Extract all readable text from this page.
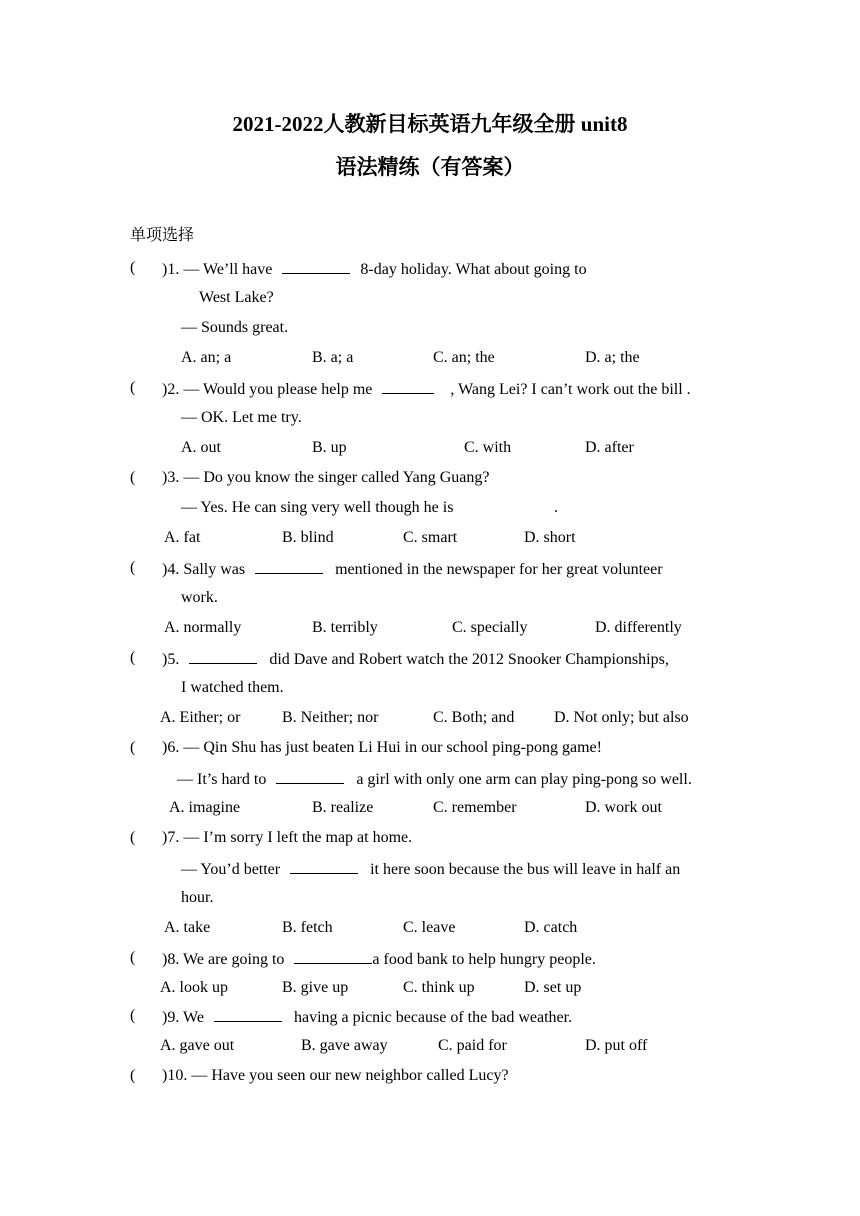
2021-2022人教新目标英语九年级全册 unit8
语法精练（有答案）
单项选择
( )1. — We’ll have	8-day holiday. What about going to
West Lake?
— Sounds great.
A. an; a	B. a; a	C. an; the	D. a; the
( )2. — Would you please help me	, Wang Lei? I can’t work out the bill .
— OK. Let me try.
A. out	B. up	C. with	D. after
( )3. — Do you know the singer called Yang Guang?
— Yes. He can sing very well though he is	.
A. fat	B. blind	C. smart	D. short
( )4. Sally was	mentioned in the newspaper for her great volunteer
work.
A. normally	B. terribly	C. specially	D. differently
( )5.	did Dave and Robert watch the 2012 Snooker Championships,
I watched them.
A. Either; or	B. Neither; nor	C. Both; and D. Not only; but also
( )6. — Qin Shu has just beaten Li Hui in our school ping-pong game!
— It’s hard to	a girl with only one arm can play ping-pong so well.
A. imagine	B. realize	C. remember	D. work out
( )7. — I’m sorry I left the map at home.
— You’d better	it here soon because the bus will leave in half an
hour.
A. take	B. fetch	C. leave	D. catch
( )8. We are going to	a food bank to help hungry people.
A. look up	B. give up	C. think up	D. set up
( )9. We	having a picnic because of the bad weather.
A. gave out	B. gave away	C. paid for	D. put off
( )10. — Have you seen our new neighbor called Lucy?
